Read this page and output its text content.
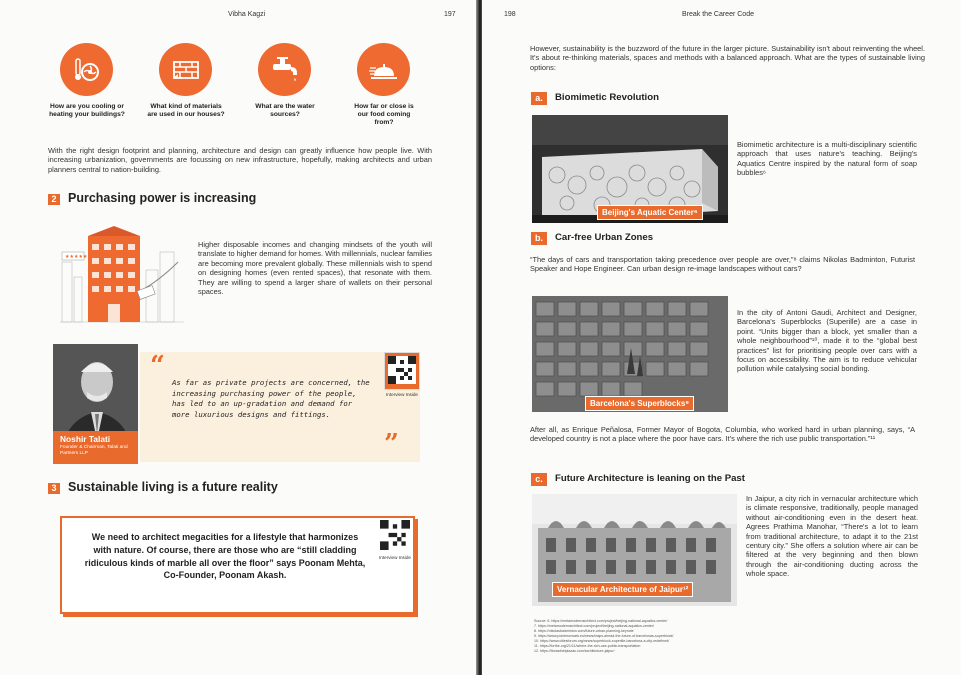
Vibha Kagzi	197
How are you cooling or heating your buildings?
What kind of materials are used in our houses?
What are the water sources?
How far or close is our food coming from?

With the right design footprint and planning, architecture and design can greatly influence how people live. With increasing urbanization, governments are focussing on new infrastructure, hopefully, making architects and urban planners central to nation-building.

2 Purchasing power is increasing
★★★★★

Higher disposable incomes and changing mindsets of the youth will translate to higher demand for homes. With millennials, nuclear families are becoming more prevalent globally. These millennials wish to spend on designing homes (even rented spaces), that resonate with them. They are willing to spend a larger share of wallets on their personal spaces.

Noshir Talati
Founder & Chairman, Talati and Partners LLP
“
”
As far as private projects are concerned, the increasing purchasing power of the people, has led to an up-gradation and demand for more luxurious designs and fittings.
Interview Inside
3 Sustainable living is a future reality
We need to architect megacities for a lifestyle that harmonizes with nature. Of course, there are those who are “still cladding ridiculous kinds of marble all over the floor” says Poonam Mehta, Co-Founder, Poonam Akash.
Interview Inside
198	Break the Career Code

However, sustainability is the buzzword of the future in the larger picture. Sustainability isn't about reinventing the wheel. It's about re-thinking materials, spaces and methods with a balanced approach. What are the types of sustainable living options:

a.	Biomimetic Revolution
Beijing's Aquatic Center⁶

Biomimetic architecture is a multi-disciplinary scientific approach that uses nature's teaching. Beijing's Aquatics Centre inspired by the natural form of soap bubbles⁶

b.	Car-free Urban Zones

“The days of cars and transportation taking precedence over people are over,”⁸ claims Nikolas Badminton, Futurist Speaker and Hope Engineer. Can urban design re-image landscapes without cars?

Barcelona's Superblocks⁹

In the city of Antoni Gaudi, Architect and Designer, Barcelona's Superblocks (Superille) are a case in point. “Units bigger than a block, yet smaller than a whole neighbourhood”¹⁰, made it to the “global best practices” list for prioritising people over cars with a focus on accessibility. The aim is to reduce vehicular pollution while catalysing social bonding.

After all, as Enrique Peñalosa, Former Mayor of Bogota, Columbia, who worked hard in urban planning, says, “A developed country is not a place where the poor have cars. It's where the rich use public transportation.”¹¹

c.	Future Architecture is leaning on the Past
Vernacular Architecture of Jaipur¹²

In Jaipur, a city rich in vernacular architecture which is climate responsive, traditionally, people managed without air-conditioning even in the desert heat. Agrees Prathima Manohar, “There's a lot to learn from traditional architecture, to adapt it to the 21st century city.” She offers a solution where air can be filtered at the very beginning and then blown through the air-conditioning ducting across the whole space.

Source: 6. https://metamodernarchitect.com/project/beijing-national-aquatics-center/
7. https://metamodernarchitect.com/project/beijing-national-aquatics-center/
8. https://nikolasbadminton.com/future-urban-planning-keynote
9. https://www.pointmorwark.eu/news/maps-ahead-the-future-of-barcelonas-superblock/
10. https://www.citiesforum.org/news/superblock-superille-barcelona-a-city-redefined/
11. https://forthe.org/21/11/where-the-rich-use-public-transportation
12. https://florasthetplazas.com/architecture-jaipur/
